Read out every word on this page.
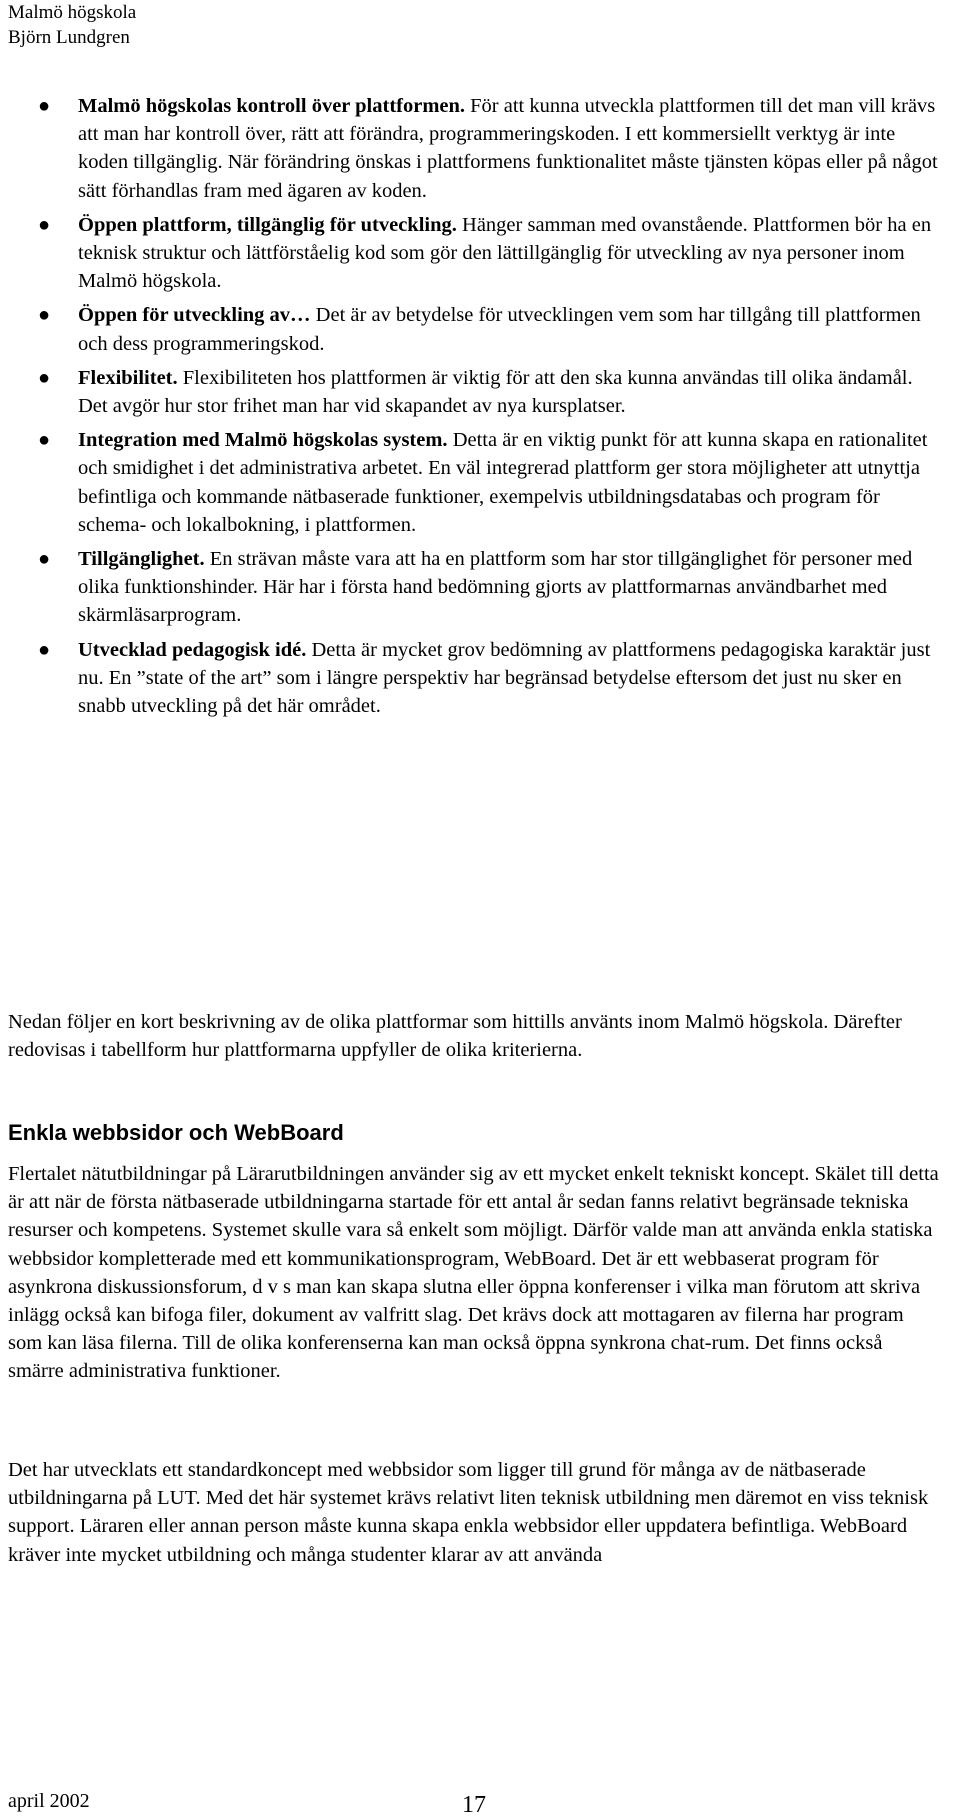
Malmö högskola
Björn Lundgren
● Malmö högskolas kontroll över plattformen. För att kunna utveckla plattformen till det man vill krävs att man har kontroll över, rätt att förändra, programmeringskoden. I ett kommersiellt verktyg är inte koden tillgänglig. När förändring önskas i plattformens funktionalitet måste tjänsten köpas eller på något sätt förhandlas fram med ägaren av koden.
● Öppen plattform, tillgänglig för utveckling. Hänger samman med ovanstående. Plattformen bör ha en teknisk struktur och lättförståelig kod som gör den lättillgänglig för utveckling av nya personer inom Malmö högskola.
● Öppen för utveckling av… Det är av betydelse för utvecklingen vem som har tillgång till plattformen och dess programmeringskod.
● Flexibilitet. Flexibiliteten hos plattformen är viktig för att den ska kunna användas till olika ändamål. Det avgör hur stor frihet man har vid skapandet av nya kursplatser.
● Integration med Malmö högskolas system. Detta är en viktig punkt för att kunna skapa en rationalitet och smidighet i det administrativa arbetet. En väl integrerad plattform ger stora möjligheter att utnyttja befintliga och kommande nätbaserade funktioner, exempelvis utbildningsdatabas och program för schema- och lokalbokning, i plattformen.
● Tillgänglighet. En strävan måste vara att ha en plattform som har stor tillgänglighet för personer med olika funktionshinder. Här har i första hand bedömning gjorts av plattformarnas användbarhet med skärmläsarprogram.
● Utvecklad pedagogisk idé. Detta är mycket grov bedömning av plattformens pedagogiska karaktär just nu. En ”state of the art” som i längre perspektiv har begränsad betydelse eftersom det just nu sker en snabb utveckling på det här området.

Nedan följer en kort beskrivning av de olika plattformar som hittills använts inom Malmö högskola. Därefter redovisas i tabellform hur plattformarna uppfyller de olika kriterierna.

Enkla webbsidor och WebBoard

Flertalet nätutbildningar på Lärarutbildningen använder sig av ett mycket enkelt tekniskt koncept. Skälet till detta är att när de första nätbaserade utbildningarna startade för ett antal år sedan fanns relativt begränsade tekniska resurser och kompetens. Systemet skulle vara så enkelt som möjligt. Därför valde man att använda enkla statiska webbsidor kompletterade med ett kommunikationsprogram, WebBoard. Det är ett webbaserat program för asynkrona diskussionsforum, d v s man kan skapa slutna eller öppna konferenser i vilka man förutom att skriva inlägg också kan bifoga filer, dokument av valfritt slag. Det krävs dock att mottagaren av filerna har program som kan läsa filerna. Till de olika konferenserna kan man också öppna synkrona chat-rum. Det finns också smärre administrativa funktioner.

Det har utvecklats ett standardkoncept med webbsidor som ligger till grund för många av de nätbaserade utbildningarna på LUT. Med det här systemet krävs relativt liten teknisk utbildning men däremot en viss teknisk support. Läraren eller annan person måste kunna skapa enkla webbsidor eller uppdatera befintliga. WebBoard kräver inte mycket utbildning och många studenter klarar av att använda

april 2002	17
